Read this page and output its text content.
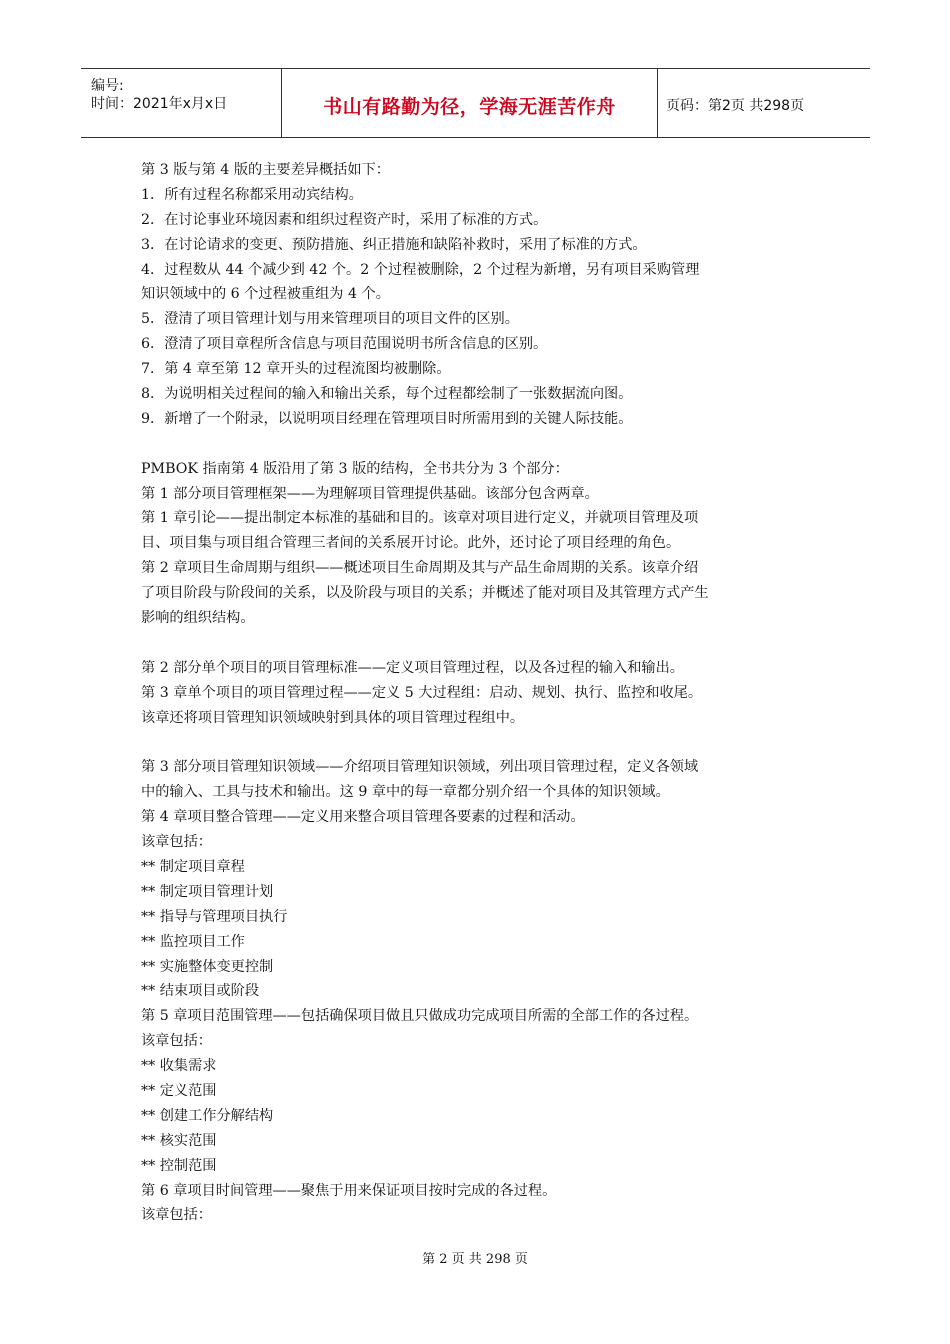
编号:
时间：2021年x月x日	书山有路勤为径，学海无涯苦作舟	页码：第2页 共298页
第 3 版与第 4 版的主要差异概括如下：
1．所有过程名称都采用动宾结构。
2．在讨论事业环境因素和组织过程资产时，采用了标准的方式。
3．在讨论请求的变更、预防措施、纠正措施和缺陷补救时，采用了标准的方式。
4．过程数从 44 个减少到 42 个。2 个过程被删除，2 个过程为新增，另有项目采购管理
知识领域中的 6 个过程被重组为 4 个。
5．澄清了项目管理计划与用来管理项目的项目文件的区别。
6．澄清了项目章程所含信息与项目范围说明书所含信息的区别。
7．第 4 章至第 12 章开头的过程流图均被删除。
8．为说明相关过程间的输入和输出关系，每个过程都绘制了一张数据流向图。
9．新增了一个附录，以说明项目经理在管理项目时所需用到的关键人际技能。
PMBOK 指南第 4 版沿用了第 3 版的结构，全书共分为 3 个部分：
第 1 部分项目管理框架——为理解项目管理提供基础。该部分包含两章。
第 1 章引论——提出制定本标准的基础和目的。该章对项目进行定义，并就项目管理及项
目、项目集与项目组合管理三者间的关系展开讨论。此外，还讨论了项目经理的角色。
第 2 章项目生命周期与组织——概述项目生命周期及其与产品生命周期的关系。该章介绍
了项目阶段与阶段间的关系，以及阶段与项目的关系；并概述了能对项目及其管理方式产生
影响的组织结构。
第 2 部分单个项目的项目管理标准——定义项目管理过程，以及各过程的输入和输出。
第 3 章单个项目的项目管理过程——定义 5 大过程组：启动、规划、执行、监控和收尾。
该章还将项目管理知识领域映射到具体的项目管理过程组中。
第 3 部分项目管理知识领域——介绍项目管理知识领域，列出项目管理过程，定义各领域
中的输入、工具与技术和输出。这 9 章中的每一章都分别介绍一个具体的知识领域。
第 4 章项目整合管理——定义用来整合项目管理各要素的过程和活动。
该章包括：
** 制定项目章程
** 制定项目管理计划
** 指导与管理项目执行
** 监控项目工作
** 实施整体变更控制
** 结束项目或阶段
第 5 章项目范围管理——包括确保项目做且只做成功完成项目所需的全部工作的各过程。
该章包括：
** 收集需求
** 定义范围
** 创建工作分解结构
** 核实范围
** 控制范围
第 6 章项目时间管理——聚焦于用来保证项目按时完成的各过程。
该章包括：
第 2 页 共 298 页
